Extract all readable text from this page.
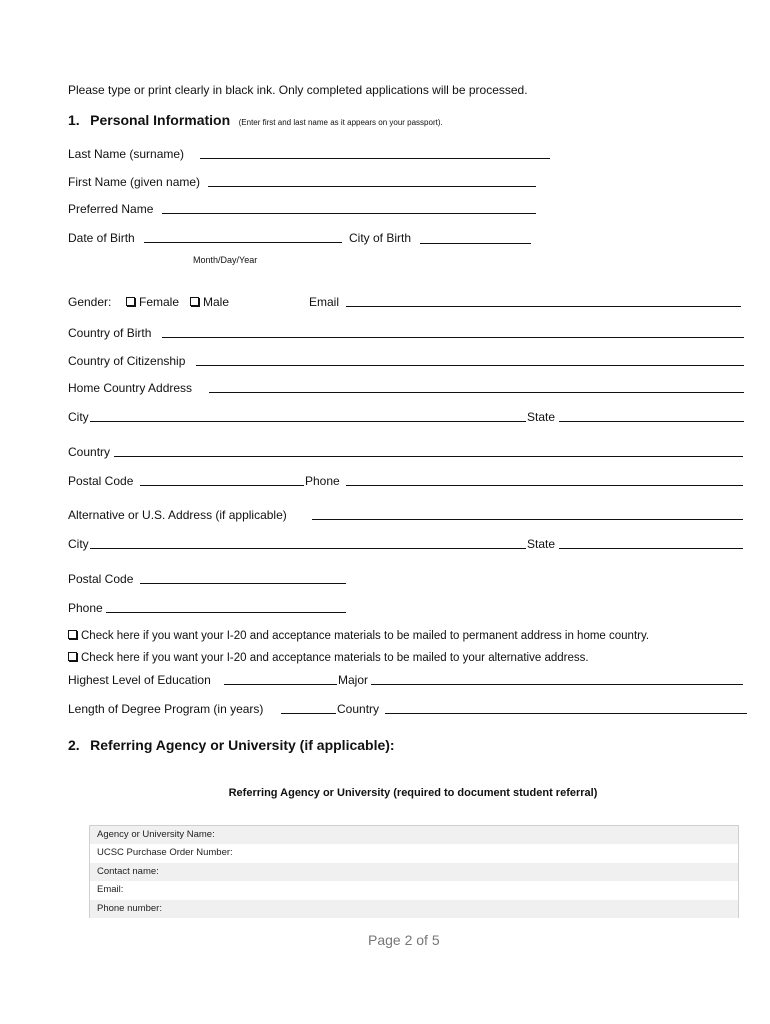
Please type or print clearly in black ink. Only completed applications will be processed.
1. Personal Information (Enter first and last name as it appears on your passport).
Last Name (surname)
First Name (given name)
Preferred Name
Date of Birth	City of Birth
Month/Day/Year
Gender:	Female	Male	Email
Country of Birth
Country of Citizenship
Home Country Address
City	State
Country
Postal Code	Phone
Alternative or U.S. Address (if applicable)
City	State
Postal Code
Phone
Check here if you want your I-20 and acceptance materials to be mailed to permanent address in home country.
Check here if you want your I-20 and acceptance materials to be mailed to your alternative address.
Highest Level of Education	Major
Length of Degree Program (in years)	Country
2. Referring Agency or University (if applicable):
Referring Agency or University (required to document student referral)
Agency or University Name:
UCSC Purchase Order Number:
Contact name:
Email:
Phone number:
Page 2 of 5
